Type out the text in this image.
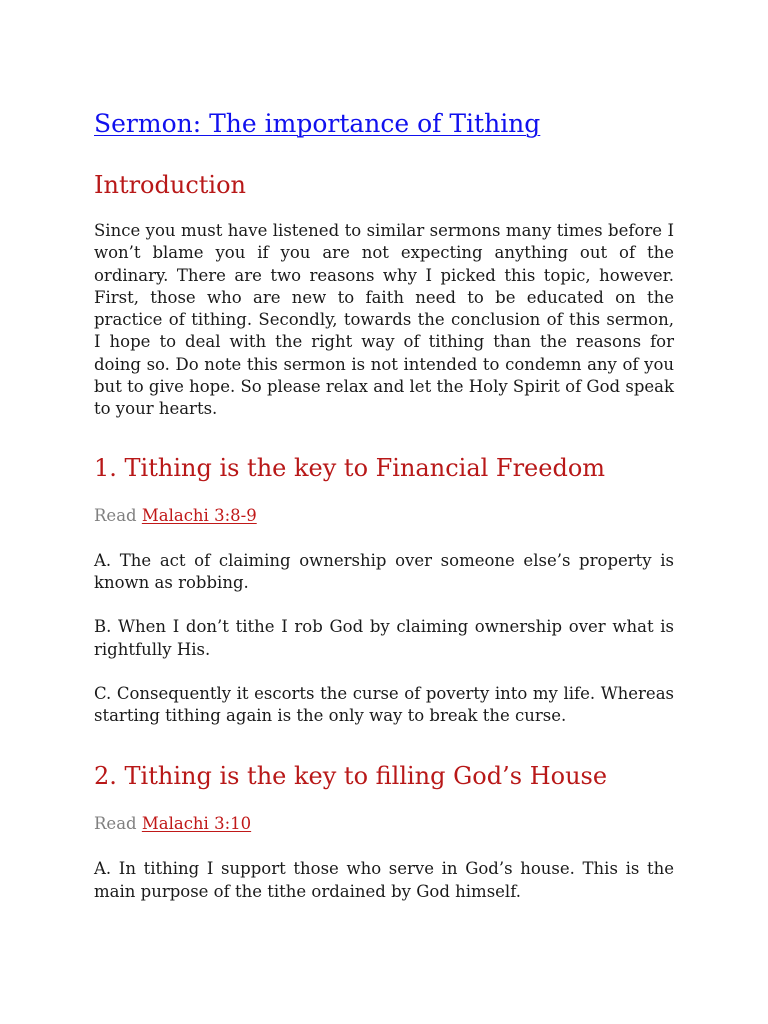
Sermon: The importance of Tithing
Introduction

Since you must have listened to similar sermons many times before I won’t blame you if you are not expecting anything out of the ordinary. There are two reasons why I picked this topic, however. First, those who are new to faith need to be educated on the practice of tithing. Secondly, towards the conclusion of this sermon, I hope to deal with the right way of tithing than the reasons for doing so. Do note this sermon is not intended to condemn any of you but to give hope. So please relax and let the Holy Spirit of God speak to your hearts.

1. Tithing is the key to Financial Freedom

Read Malachi 3:8-9

A. The act of claiming ownership over someone else’s property is known as robbing.

B. When I don’t tithe I rob God by claiming ownership over what is rightfully His.

C. Consequently it escorts the curse of poverty into my life. Whereas starting tithing again is the only way to break the curse.

2. Tithing is the key to filling God’s House

Read Malachi 3:10

A. In tithing I support those who serve in God’s house. This is the main purpose of the tithe ordained by God himself.
